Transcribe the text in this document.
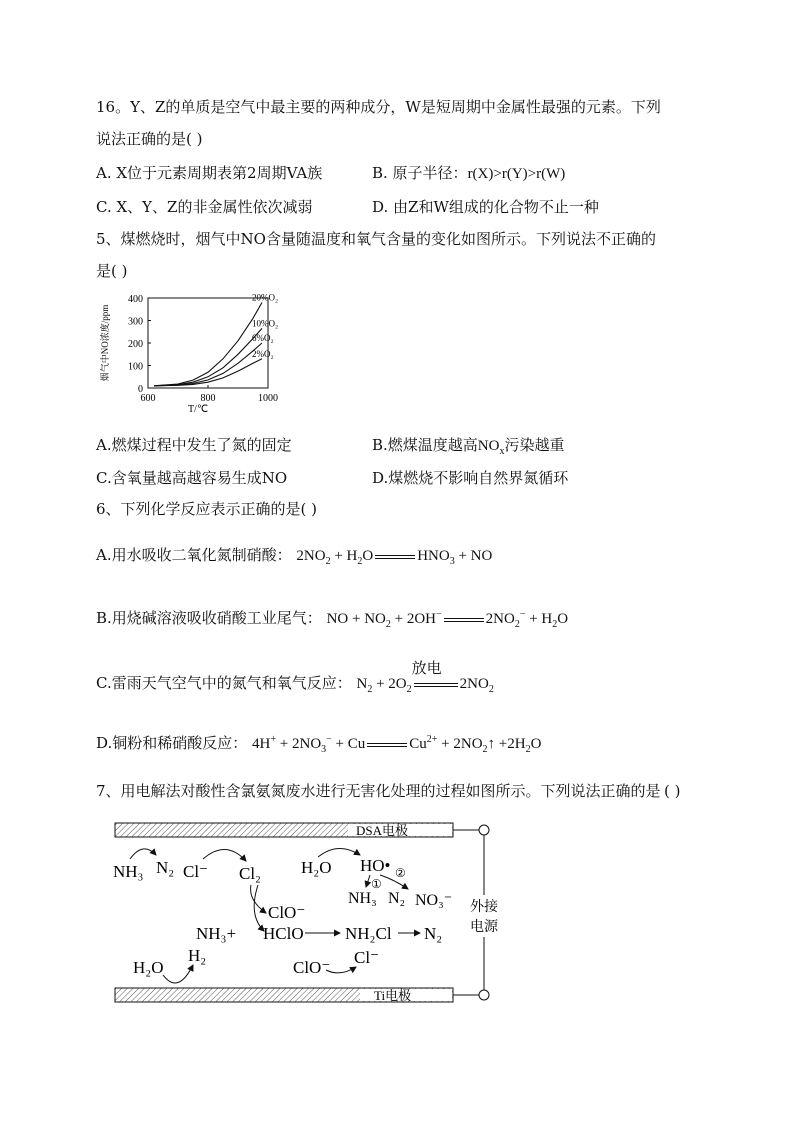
16。Y、Z的单质是空气中最主要的两种成分，W是短周期中金属性最强的元素。下列
说法正确的是( )
A. X位于元素周期表第2周期VA族	B. 原子半径：r(X)>r(Y)>r(W)
C. X、Y、Z的非金属性依次减弱	D. 由Z和W组成的化合物不止一种
5、煤燃烧时，烟气中NO含量随温度和氧气含量的变化如图所示。下列说法不正确的
是( )
0
100
200
300
400
600	800	1000
T/℃
烟气中NO浓度/ppm
20%O₂
10%O₂
6%O₂
2%O₂
A.燃煤过程中发生了氮的固定	B.燃煤温度越高$NO_x$污染越重
C.含氧量越高越容易生成NO	D.煤燃烧不影响自然界氮循环
6、下列化学反应表示正确的是( )
A.用水吸收二氧化氮制硝酸： $2NO_2 + H_2O$	$HNO_3$ + NO
B.用烧碱溶液吸收硝酸工业尾气： NO + $NO_2 + 2OH^-$	$2NO_2^- + H_2O$
C.雷雨天气空气中的氮气和氧气反应： $N_2 + 2O_2$
放电
$2NO_2$
D.铜粉和稀硝酸反应： $4H^+ + 2NO_3^- + Cu$	$Cu^{2+}$ + $2NO_2↑ +2H_2O$
7、用电解法对酸性含氯氨氮废水进行无害化处理的过程如图所示。下列说法正确的是 ( )
DSA电极
Ti电极
外接
电源
NH₃ N₂ Cl⁻ Cl₂ H₂O HO•
①
②
NH₃ N₂ NO₃⁻
ClO⁻
NH₃+ HClO NH₂Cl N₂
H₂O
H₂
ClO⁻
Cl⁻
